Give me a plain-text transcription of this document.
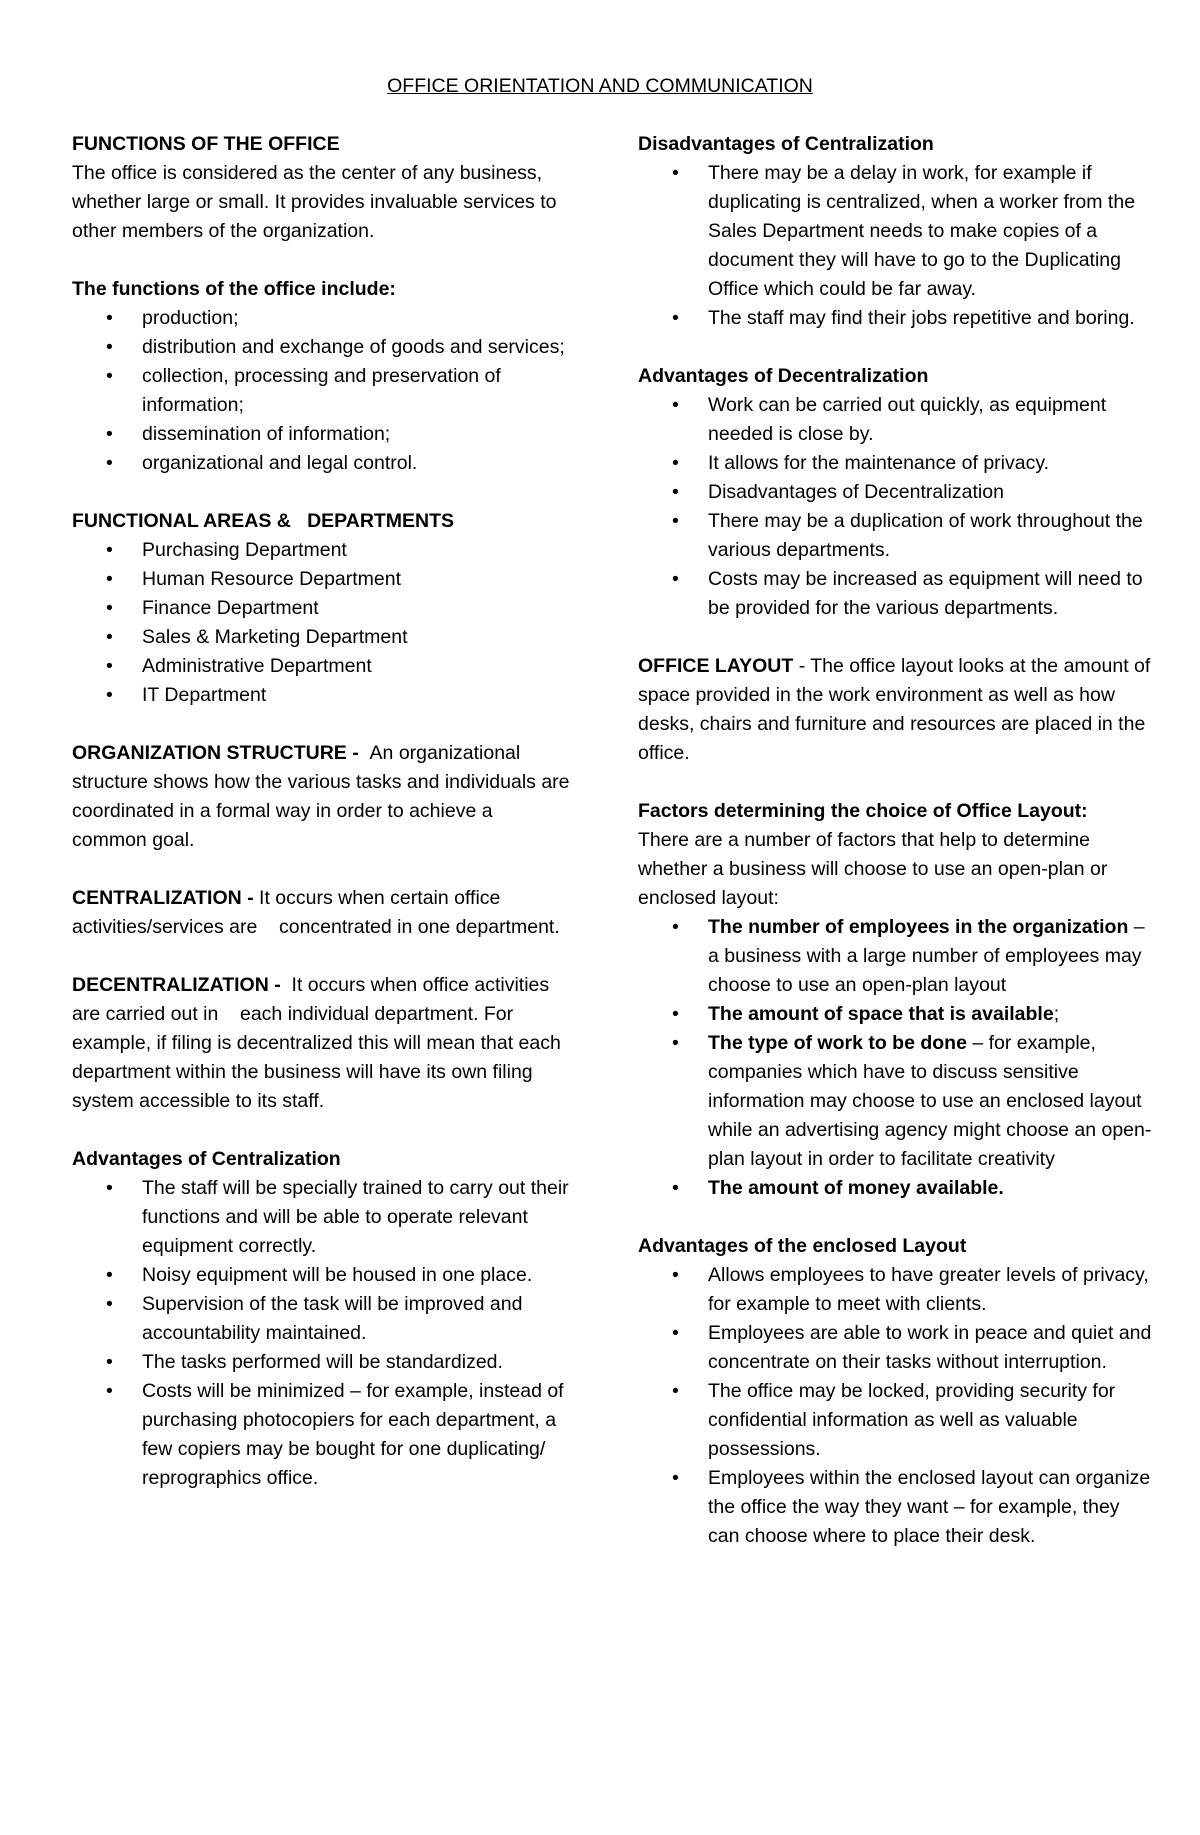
OFFICE ORIENTATION AND COMMUNICATION
FUNCTIONS OF THE OFFICE

The office is considered as the center of any business, whether large or small. It provides invaluable services to other members of the organization.

The functions of the office include:
• production;
• distribution and exchange of goods and services;
• collection, processing and preservation of information;
• dissemination of information;
• organizational and legal control.
FUNCTIONAL AREAS &   DEPARTMENTS
• Purchasing Department
• Human Resource Department
• Finance Department
• Sales & Marketing Department
• Administrative Department
• IT Department

ORGANIZATION STRUCTURE - An organizational structure shows how the various tasks and individuals are coordinated in a formal way in order to achieve a common goal.

CENTRALIZATION - It occurs when certain office activities/services are    concentrated in one department.

DECENTRALIZATION - It occurs when office activities are carried out in    each individual department. For example, if filing is decentralized this will mean that each department within the business will have its own filing system accessible to its staff.

Advantages of Centralization
• The staff will be specially trained to carry out their functions and will be able to operate relevant equipment correctly.
• Noisy equipment will be housed in one place.
• Supervision of the task will be improved and accountability maintained.
• The tasks performed will be standardized.
• Costs will be minimized – for example, instead of purchasing photocopiers for each department, a few copiers may be bought for one duplicating/ reprographics office.
Disadvantages of Centralization
• There may be a delay in work, for example if duplicating is centralized, when a worker from the Sales Department needs to make copies of a document they will have to go to the Duplicating Office which could be far away.
• The staff may find their jobs repetitive and boring.
Advantages of Decentralization
• Work can be carried out quickly, as equipment needed is close by.
• It allows for the maintenance of privacy.
• Disadvantages of Decentralization
• There may be a duplication of work throughout the various departments.
• Costs may be increased as equipment will need to be provided for the various departments.

OFFICE LAYOUT - The office layout looks at the amount of space provided in the work environment as well as how desks, chairs and furniture and resources are placed in the office.

Factors determining the choice of Office Layout:

There are a number of factors that help to determine whether a business will choose to use an open-plan or enclosed layout:

• The number of employees in the organization – a business with a large number of employees may choose to use an open-plan layout
• The amount of space that is available;
• The type of work to be done – for example, companies which have to discuss sensitive information may choose to use an enclosed layout while an advertising agency might choose an open-plan layout in order to facilitate creativity
• The amount of money available.
Advantages of the enclosed Layout
• Allows employees to have greater levels of privacy, for example to meet with clients.
• Employees are able to work in peace and quiet and concentrate on their tasks without interruption.
• The office may be locked, providing security for confidential information as well as valuable possessions.
• Employees within the enclosed layout can organize the office the way they want – for example, they can choose where to place their desk.
